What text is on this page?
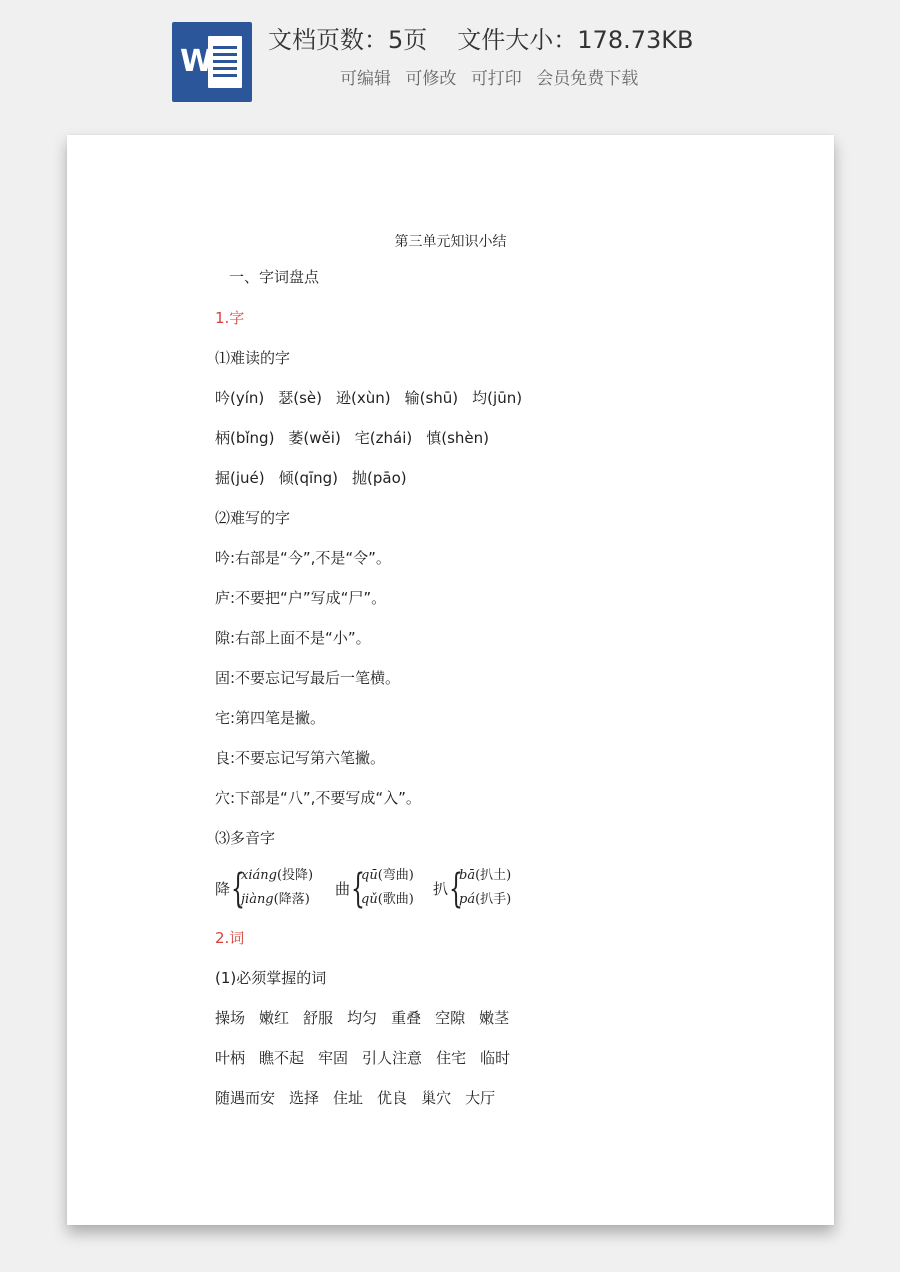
W
文档页数：5页 文件大小：178.73KB
可编辑 可修改 可打印 会员免费下载
第三单元知识小结
一、字词盘点
1.字
⑴难读的字
吟(yín) 瑟(sè) 逊(xùn) 输(shū) 均(jūn)
柄(bǐng) 萎(wěi) 宅(zhái) 慎(shèn)
掘(jué) 倾(qīng) 抛(pāo)
⑵难写的字
吟:右部是“今”,不是“令”。
庐:不要把“户”写成“尸”。
隙:右部上面不是“小”。
固:不要忘记写最后一笔横。
宅:第四笔是撇。
良:不要忘记写第六笔撇。
穴:下部是“八”,不要写成“入”。
⑶多音字
降 {
xiáng(投降)
jiàng(降落)
曲 {
qū(弯曲)
qǔ(歌曲)
扒 {
bā(扒土)
pá(扒手)
2.词
(1)必须掌握的词
操场 嫩红 舒服 均匀 重叠 空隙 嫩茎
叶柄 瞧不起 牢固 引人注意 住宅 临时
随遇而安 选择 住址 优良 巢穴 大厅
